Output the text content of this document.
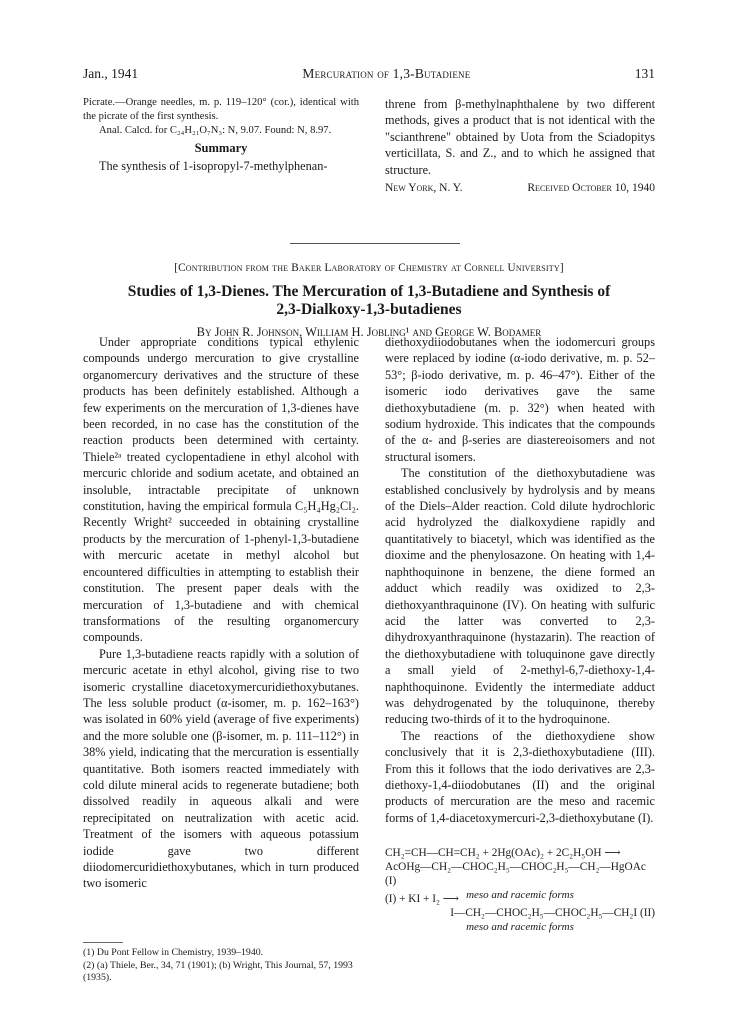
Jan., 1941	Mercuration of 1,3-Butadiene	131

Picrate.—Orange needles, m. p. 119–120° (cor.), identical with the picrate of the first synthesis.

Anal. Calcd. for C₂₄H₂₁O₇N₃: N, 9.07. Found: N, 8.97.

Summary

The synthesis of 1-isopropyl-7-methylphenan-

threne from β-methylnaphthalene by two different methods, gives a product that is not identical with the "scianthrene" obtained by Uota from the Sciadopitys verticillata, S. and Z., and to which he assigned that structure.

New York, N. Y.	Received October 10, 1940
[Contribution from the Baker Laboratory of Chemistry at Cornell University]
Studies of 1,3-Dienes. The Mercuration of 1,3-Butadiene and Synthesis of
2,3-Dialkoxy-1,3-butadienes
By John R. Johnson, William H. Jobling¹ and George W. Bodamer

Under appropriate conditions typical ethylenic compounds undergo mercuration to give crystalline organomercury derivatives and the structure of these products has been definitely established. Although a few experiments on the mercuration of 1,3-dienes have been recorded, in no case has the constitution of the reaction products been determined with certainty. Thiele²ᵃ treated cyclopentadiene in ethyl alcohol with mercuric chloride and sodium acetate, and obtained an insoluble, intractable precipitate of unknown constitution, having the empirical formula C₅H₄Hg₂Cl₂. Recently Wright² succeeded in obtaining crystalline products by the mercuration of 1-phenyl-1,3-butadiene with mercuric acetate in methyl alcohol but encountered difficulties in attempting to establish their constitution. The present paper deals with the mercuration of 1,3-butadiene and with chemical transformations of the resulting organomercury compounds.

Pure 1,3-butadiene reacts rapidly with a solution of mercuric acetate in ethyl alcohol, giving rise to two isomeric crystalline diacetoxymercuridiethoxybutanes. The less soluble product (α-isomer, m. p. 162–163°) was isolated in 60% yield (average of five experiments) and the more soluble one (β-isomer, m. p. 111–112°) in 38% yield, indicating that the mercuration is essentially quantitative. Both isomers reacted immediately with cold dilute mineral acids to regenerate butadiene; both dissolved readily in aqueous alkali and were reprecipitated on neutralization with acetic acid. Treatment of the isomers with aqueous potassium iodide gave two different diiodomercuridiethoxybutanes, which in turn produced two isomeric

diethoxydiiodobutanes when the iodomercuri groups were replaced by iodine (α-iodo derivative, m. p. 52–53°; β-iodo derivative, m. p. 46–47°). Either of the isomeric iodo derivatives gave the same diethoxybutadiene (m. p. 32°) when heated with sodium hydroxide. This indicates that the compounds of the α- and β-series are diastereoisomers and not structural isomers.

The constitution of the diethoxybutadiene was established conclusively by hydrolysis and by means of the Diels–Alder reaction. Cold dilute hydrochloric acid hydrolyzed the dialkoxydiene rapidly and quantitatively to biacetyl, which was identified as the dioxime and the phenylosazone. On heating with 1,4-naphthoquinone in benzene, the diene formed an adduct which readily was oxidized to 2,3-diethoxyanthraquinone (IV). On heating with sulfuric acid the latter was converted to 2,3-dihydroxyanthraquinone (hystazarin). The reaction of the diethoxybutadiene with toluquinone gave directly a small yield of 2-methyl-6,7-diethoxy-1,4-naphthoquinone. Evidently the intermediate adduct was dehydrogenated by the toluquinone, thereby reducing two-thirds of it to the hydroquinone.

The reactions of the diethoxydiene show conclusively that it is 2,3-diethoxybutadiene (III). From this it follows that the iodo derivatives are 2,3-diethoxy-1,4-diiodobutanes (II) and the original products of mercuration are the meso and racemic forms of 1,4-diacetoxymercuri-2,3-diethoxybutane (I).

CH₂=CH—CH=CH₂ + 2Hg(OAc)₂ + 2C₂H₅OH ⟶
AcOHg—CH₂—CHOC₂H₅—CHOC₂H₅—CH₂—HgOAc (I)
meso and racemic forms
(I) + KI + I₂ ⟶
I—CH₂—CHOC₂H₅—CHOC₂H₅—CH₂I (II)
meso and racemic forms

(1) Du Pont Fellow in Chemistry, 1939–1940.

(2) (a) Thiele, Ber., 34, 71 (1901); (b) Wright, This Journal, 57, 1993 (1935).
